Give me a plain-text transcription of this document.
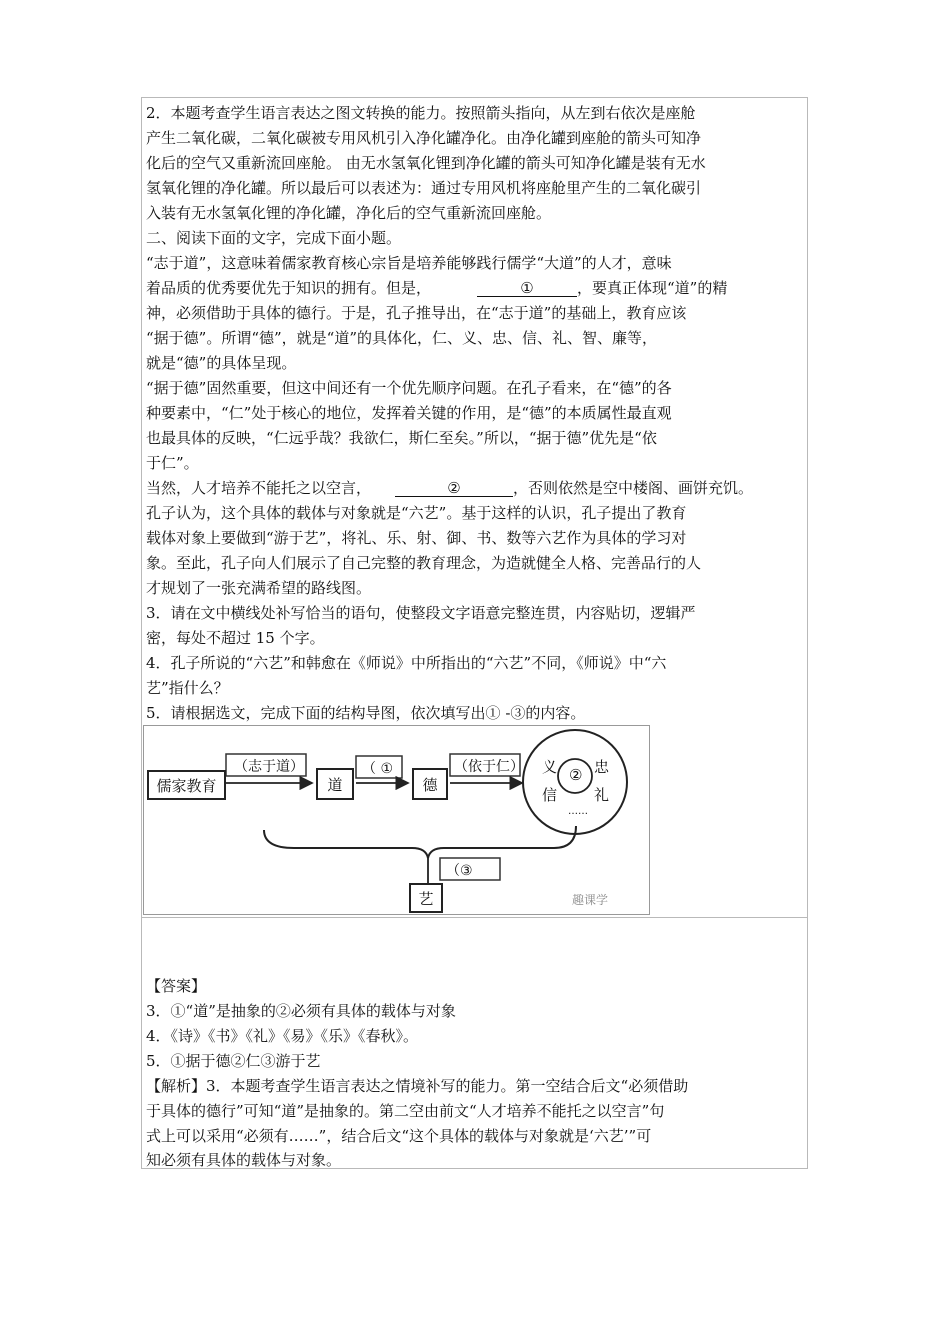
2．本题考查学生语言表达之图文转换的能力。按照箭头指向，从左到右依次是座舱
产生二氧化碳，二氧化碳被专用风机引入净化罐净化。由净化罐到座舱的箭头可知净
化后的空气又重新流回座舱。 由无水氢氧化锂到净化罐的箭头可知净化罐是装有无水
氢氧化锂的净化罐。所以最后可以表述为：通过专用风机将座舱里产生的二氧化碳引
入装有无水氢氧化锂的净化罐，净化后的空气重新流回座舱。
二、阅读下面的文字，完成下面小题。
“志于道”，这意味着儒家教育核心宗旨是培养能够践行儒学“大道”的人才，意味
着品质的优秀要优先于知识的拥有。但是，	①	，要真正体现“道”的精
神，必须借助于具体的德行。于是，孔子推导出，在“志于道”的基础上，教育应该
“据于德”。所谓“德”，就是“道”的具体化，仁、义、忠、信、礼、智、廉等，
就是“德”的具体呈现。
“据于德”固然重要，但这中间还有一个优先顺序问题。在孔子看来，在“德”的各
种要素中，“仁”处于核心的地位，发挥着关键的作用，是“德”的本质属性最直观
也最具体的反映，“仁远乎哉？我欲仁，斯仁至矣。”所以，“据于德”优先是“依
于仁”。
当然，人才培养不能托之以空言，	②	，否则依然是空中楼阁、画饼充饥。
孔子认为，这个具体的载体与对象就是“六艺”。基于这样的认识，孔子提出了教育
载体对象上要做到“游于艺”，将礼、乐、射、御、书、数等六艺作为具体的学习对
象。至此，孔子向人们展示了自己完整的教育理念，为造就健全人格、完善品行的人
才规划了一张充满希望的路线图。
3．请在文中横线处补写恰当的语句，使整段文字语意完整连贯，内容贴切，逻辑严
密，每处不超过 15 个字。
4．孔子所说的“六艺”和韩愈在《师说》中所指出的“六艺”不同，《师说》中“六
艺”指什么？
5．请根据选文，完成下面的结构导图，依次填写出① -③的内容。
儒家教育
（志于道）
道
（ ①
德
（依于仁） 义
信
② 忠
礼
……
（③
艺	趣课学
【答案】
3．①“道”是抽象的②必须有具体的载体与对象
4．《诗》《书》《礼》《易》《乐》《春秋》。
5．①据于德②仁③游于艺
【解析】3．本题考查学生语言表达之情境补写的能力。第一空结合后文“必须借助
于具体的德行”可知“道”是抽象的。第二空由前文“人才培养不能托之以空言”句
式上可以采用“必须有……”，结合后文“这个具体的载体与对象就是‘六艺’”可
知必须有具体的载体与对象。
